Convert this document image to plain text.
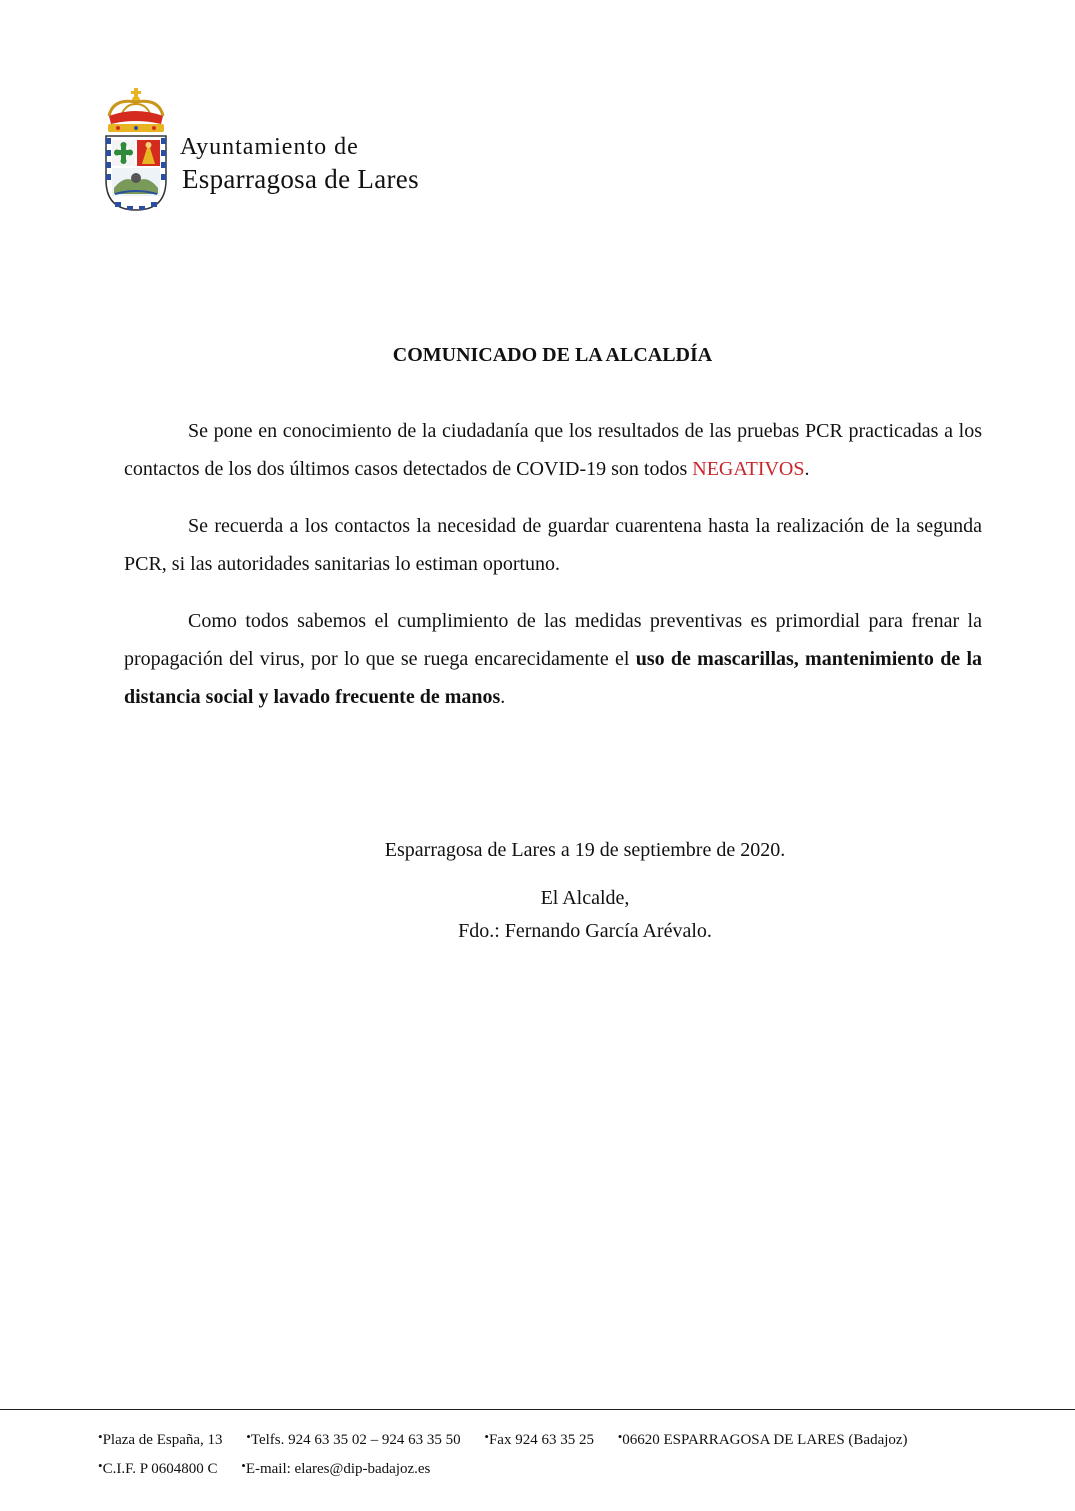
Ayuntamiento de
Esparragosa de Lares
COMUNICADO DE LA ALCALDÍA

Se pone en conocimiento de la ciudadanía que los resultados de las pruebas PCR practicadas a los contactos de los dos últimos casos detectados de COVID-19 son todos NEGATIVOS.

Se recuerda a los contactos la necesidad de guardar cuarentena hasta la realización de la segunda PCR, si las autoridades sanitarias lo estiman oportuno.

Como todos sabemos el cumplimiento de las medidas preventivas es primordial para frenar la propagación del virus, por lo que se ruega encarecidamente el uso de mascarillas, mantenimiento de la distancia social y lavado frecuente de manos.

Esparragosa de Lares a 19 de septiembre de 2020.
El Alcalde,
Fdo.: Fernando García Arévalo.
• Plaza de España, 13 • Telfs. 924 63 35 02 – 924 63 35 50 • Fax 924 63 35 25 • 06620 ESPARRAGOSA DE LARES (Badajoz)
• C.I.F. P 0604800 C • E-mail: elares@dip-badajoz.es
